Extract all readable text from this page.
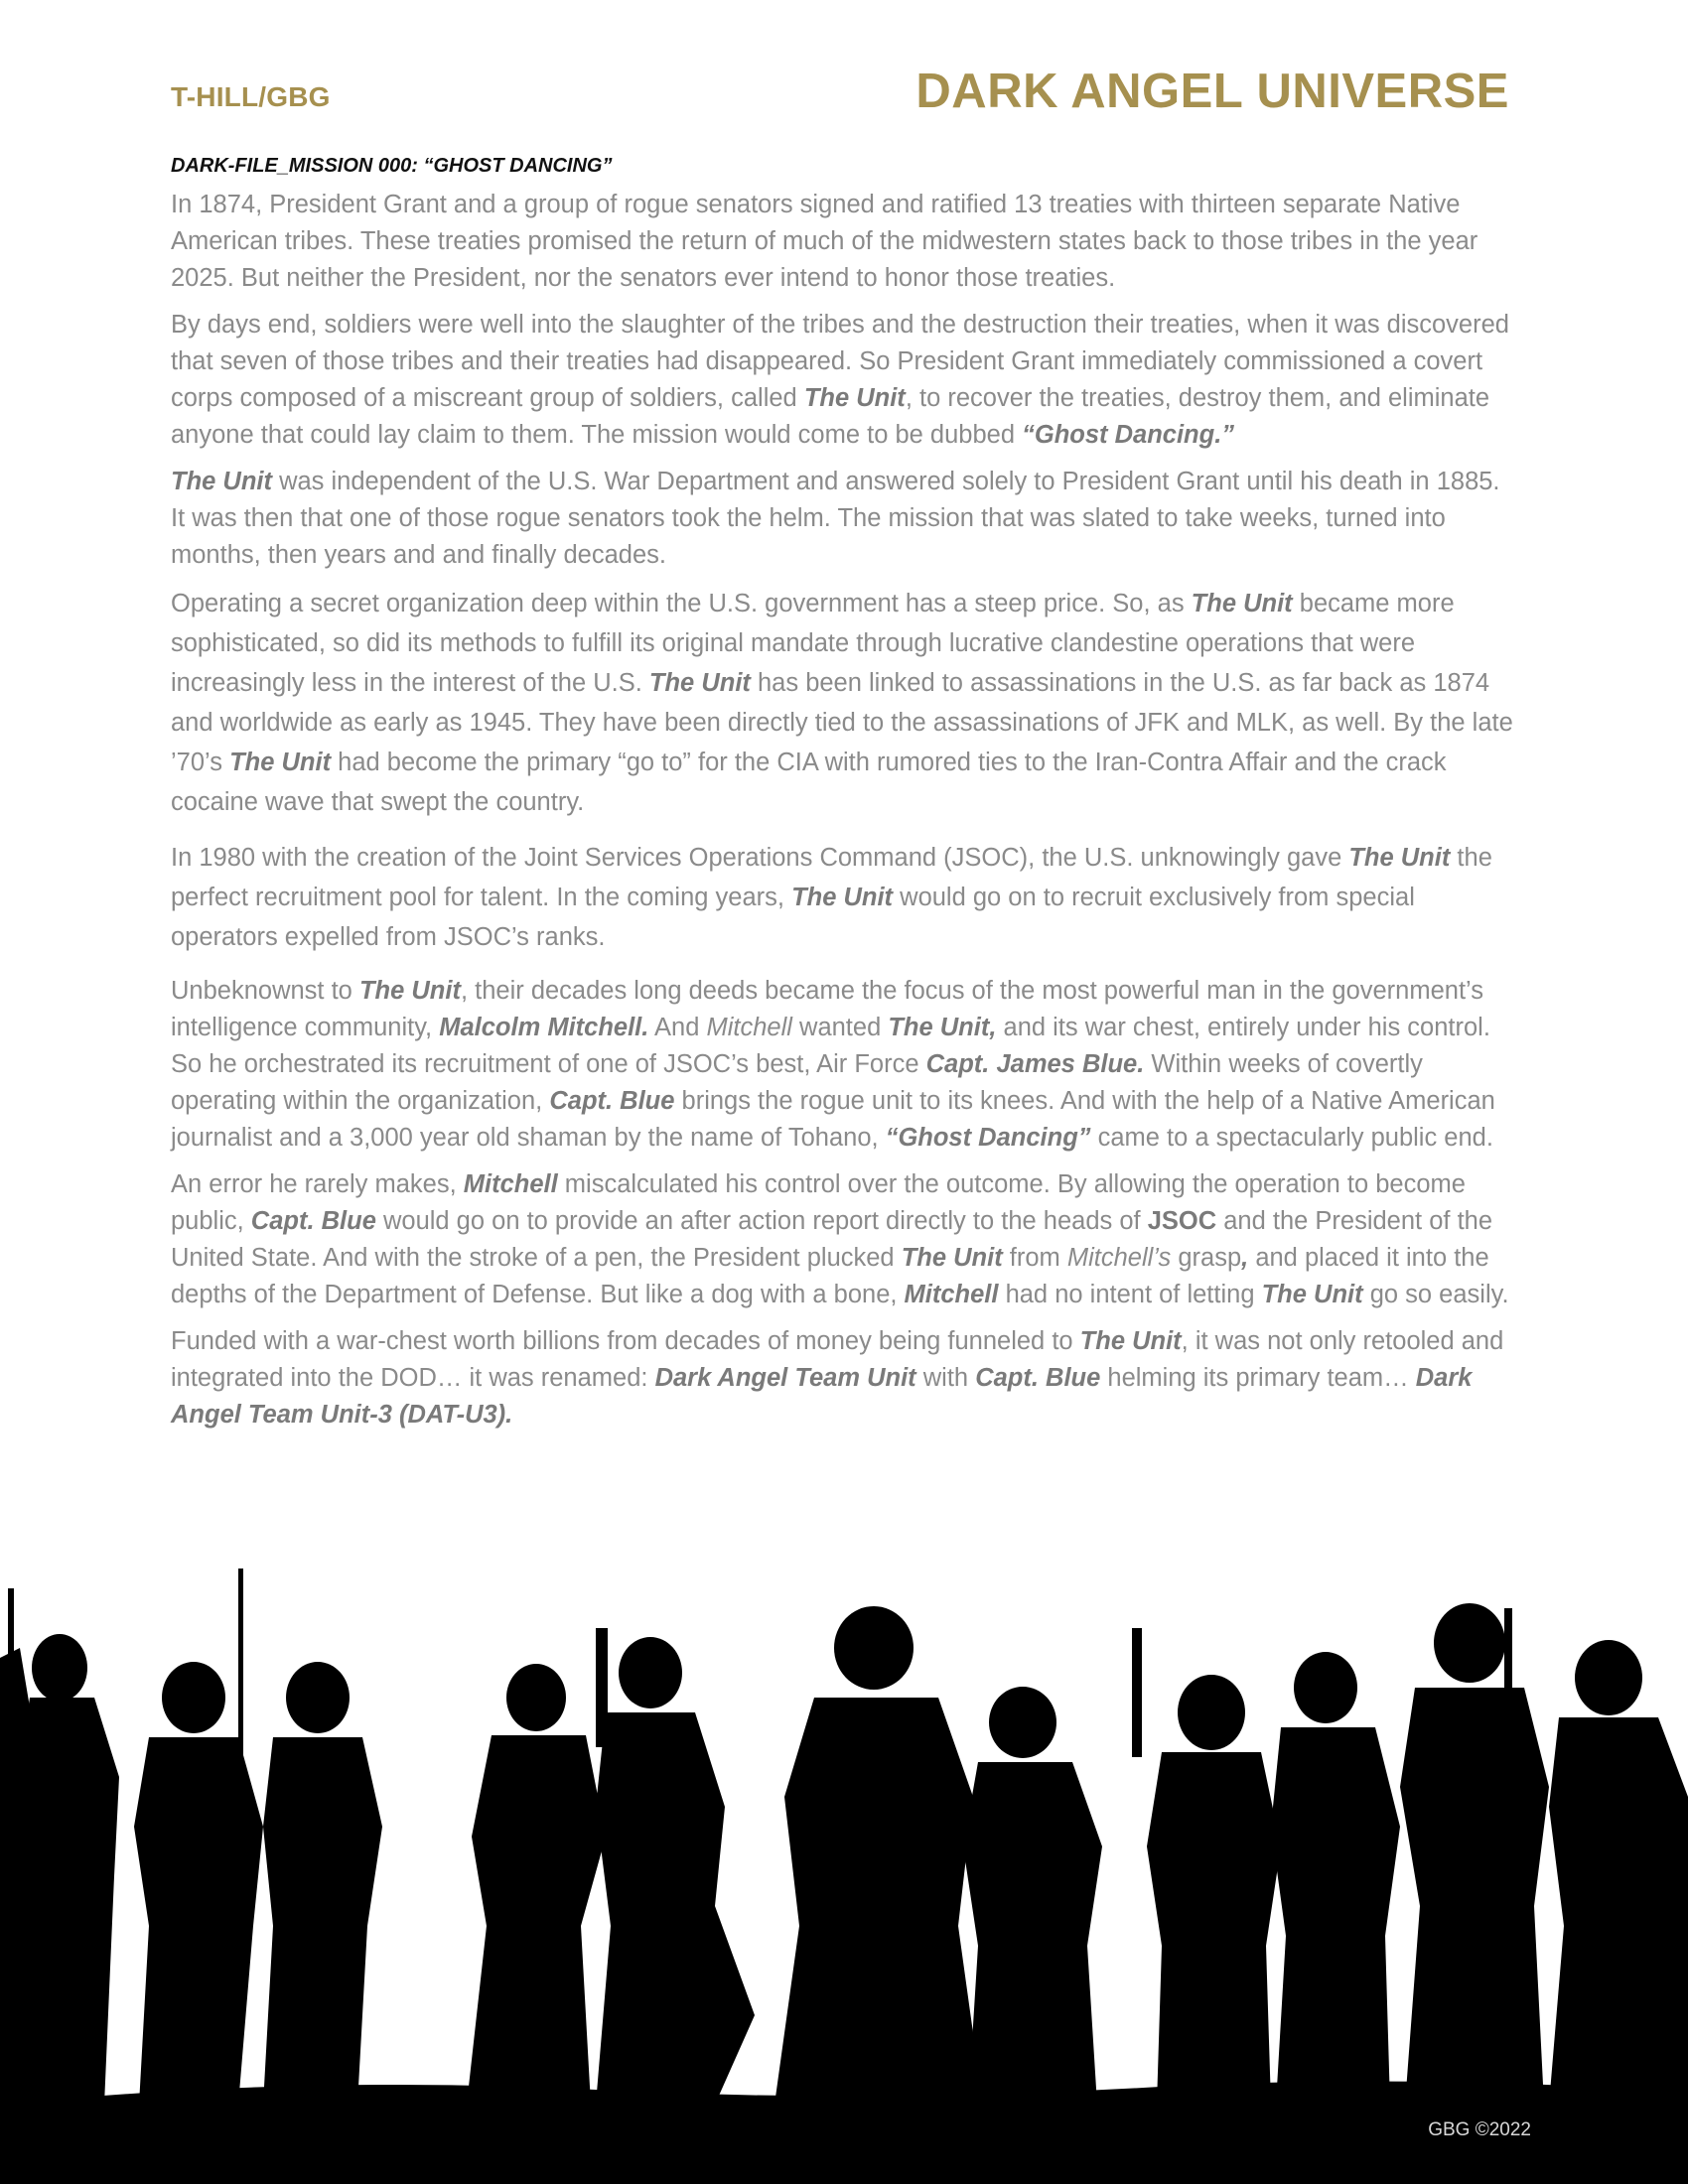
T-HILL/GBG	DARK ANGEL UNIVERSE
DARK-FILE_MISSION 000: “GHOST DANCING”

In 1874, President Grant and a group of rogue senators signed and ratified 13 treaties with thirteen separate Native American tribes. These treaties promised the return of much of the midwestern states back to those tribes in the year 2025. But neither the President, nor the senators ever intend to honor those treaties.

By days end, soldiers were well into the slaughter of the tribes and the destruction their treaties, when it was discovered that seven of those tribes and their treaties had disappeared. So President Grant immediately commissioned a covert corps composed of a miscreant group of soldiers, called The Unit, to recover the treaties, destroy them, and eliminate anyone that could lay claim to them. The mission would come to be dubbed “Ghost Dancing.”

The Unit was independent of the U.S. War Department and answered solely to President Grant until his death in 1885. It was then that one of those rogue senators took the helm. The mission that was slated to take weeks, turned into months, then years and and finally decades.

Operating a secret organization deep within the U.S. government has a steep price. So, as The Unit became more sophisticated, so did its methods to fulfill its original mandate through lucrative clandestine operations that were increasingly less in the interest of the U.S. The Unit has been linked to assassinations in the U.S. as far back as 1874 and worldwide as early as 1945. They have been directly tied to the assassinations of JFK and MLK, as well. By the late ’70’s The Unit had become the primary “go to” for the CIA with rumored ties to the Iran-Contra Affair and the crack cocaine wave that swept the country.

In 1980 with the creation of the Joint Services Operations Command (JSOC), the U.S. unknowingly gave The Unit the perfect recruitment pool for talent. In the coming years, The Unit would go on to recruit exclusively from special operators expelled from JSOC’s ranks.

Unbeknownst to The Unit, their decades long deeds became the focus of the most powerful man in the government’s intelligence community, Malcolm Mitchell. And Mitchell wanted The Unit, and its war chest, entirely under his control. So he orchestrated its recruitment of one of JSOC’s best, Air Force Capt. James Blue. Within weeks of covertly operating within the organization, Capt. Blue brings the rogue unit to its knees. And with the help of a Native American journalist and a 3,000 year old shaman by the name of Tohano, “Ghost Dancing” came to a spectacularly public end.

An error he rarely makes, Mitchell miscalculated his control over the outcome. By allowing the operation to become public, Capt. Blue would go on to provide an after action report directly to the heads of JSOC and the President of the United State. And with the stroke of a pen, the President plucked The Unit from Mitchell’s grasp, and placed it into the depths of the Department of Defense. But like a dog with a bone, Mitchell had no intent of letting The Unit go so easily.

Funded with a war-chest worth billions from decades of money being funneled to The Unit, it was not only retooled and integrated into the DOD… it was renamed: Dark Angel Team Unit with Capt. Blue helming its primary team… Dark Angel Team Unit-3 (DAT-U3).

GBG ©2022
